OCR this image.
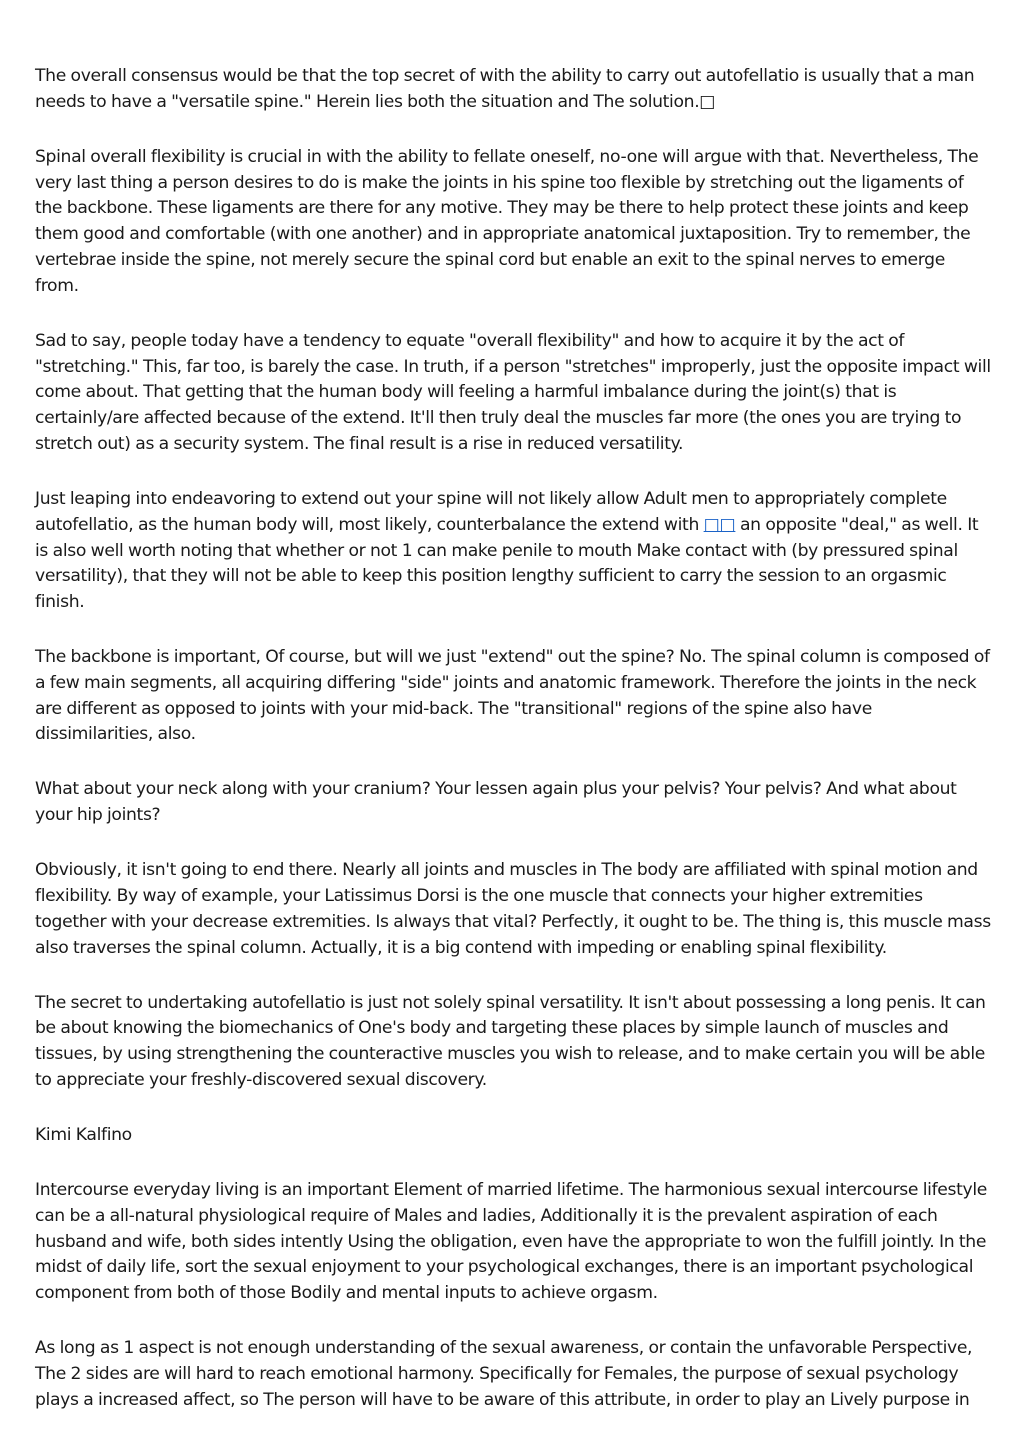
The overall consensus would be that the top secret of with the ability to carry out autofellatio is usually that a man needs to have a "versatile spine." Herein lies both the situation and The solution.□

Spinal overall flexibility is crucial in with the ability to fellate oneself, no-one will argue with that. Nevertheless, The very last thing a person desires to do is make the joints in his spine too flexible by stretching out the ligaments of the backbone. These ligaments are there for any motive. They may be there to help protect these joints and keep them good and comfortable (with one another) and in appropriate anatomical juxtaposition. Try to remember, the vertebrae inside the spine, not merely secure the spinal cord but enable an exit to the spinal nerves to emerge from.

Sad to say, people today have a tendency to equate "overall flexibility" and how to acquire it by the act of "stretching." This, far too, is barely the case. In truth, if a person "stretches" improperly, just the opposite impact will come about. That getting that the human body will feeling a harmful imbalance during the joint(s) that is certainly/are affected because of the extend. It'll then truly deal the muscles far more (the ones you are trying to stretch out) as a security system. The final result is a rise in reduced versatility.

Just leaping into endeavoring to extend out your spine will not likely allow Adult men to appropriately complete autofellatio, as the human body will, most likely, counterbalance the extend with □□ an opposite "deal," as well. It is also well worth noting that whether or not 1 can make penile to mouth Make contact with (by pressured spinal versatility), that they will not be able to keep this position lengthy sufficient to carry the session to an orgasmic finish.

The backbone is important, Of course, but will we just "extend" out the spine? No. The spinal column is composed of a few main segments, all acquiring differing "side" joints and anatomic framework. Therefore the joints in the neck are different as opposed to joints with your mid-back. The "transitional" regions of the spine also have dissimilarities, also.

What about your neck along with your cranium? Your lessen again plus your pelvis? Your pelvis? And what about your hip joints?

Obviously, it isn't going to end there. Nearly all joints and muscles in The body are affiliated with spinal motion and flexibility. By way of example, your Latissimus Dorsi is the one muscle that connects your higher extremities together with your decrease extremities. Is always that vital? Perfectly, it ought to be. The thing is, this muscle mass also traverses the spinal column. Actually, it is a big contend with impeding or enabling spinal flexibility.

The secret to undertaking autofellatio is just not solely spinal versatility. It isn't about possessing a long penis. It can be about knowing the biomechanics of One's body and targeting these places by simple launch of muscles and tissues, by using strengthening the counteractive muscles you wish to release, and to make certain you will be able to appreciate your freshly-discovered sexual discovery.

Kimi Kalfino

Intercourse everyday living is an important Element of married lifetime. The harmonious sexual intercourse lifestyle can be a all-natural physiological require of Males and ladies, Additionally it is the prevalent aspiration of each husband and wife, both sides intently Using the obligation, even have the appropriate to won the fulfill jointly. In the midst of daily life, sort the sexual enjoyment to your psychological exchanges, there is an important psychological component from both of those Bodily and mental inputs to achieve orgasm.

As long as 1 aspect is not enough understanding of the sexual awareness, or contain the unfavorable Perspective, The 2 sides are will hard to reach emotional harmony. Specifically for Females, the purpose of sexual psychology plays a increased affect, so The person will have to be aware of this attribute, in order to play an Lively purpose in
